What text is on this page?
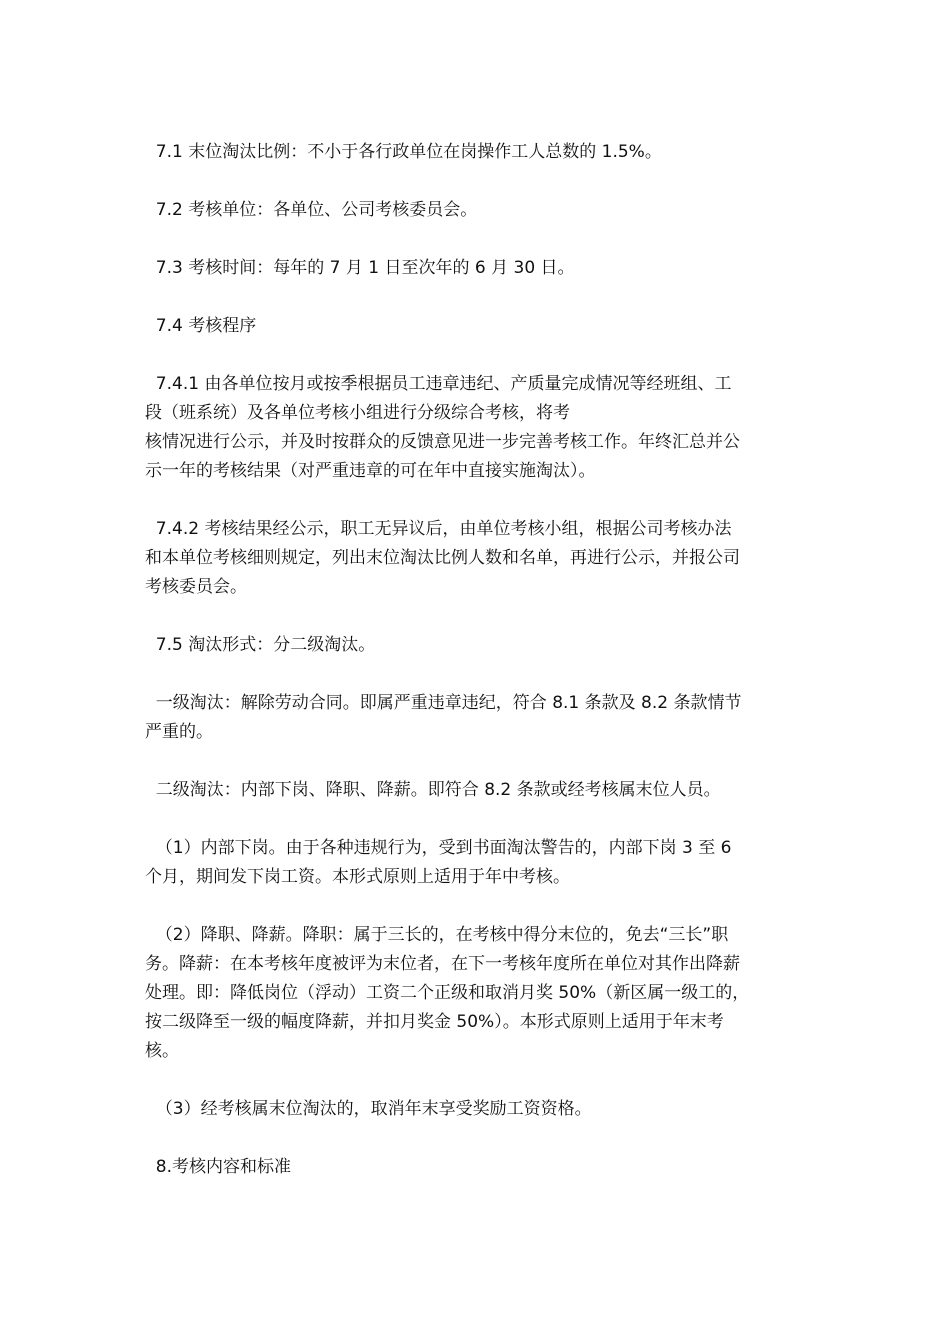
7.1 末位淘汰比例：不小于各行政单位在岗操作工人总数的 1.5%。

7.2 考核单位：各单位、公司考核委员会。

7.3 考核时间：每年的 7 月 1 日至次年的 6 月 30 日。

7.4 考核程序

7.4.1 由各单位按月或按季根据员工违章违纪、产质量完成情况等经班组、工
段（班系统）及各单位考核小组进行分级综合考核，将考
核情况进行公示，并及时按群众的反馈意见进一步完善考核工作。年终汇总并公
示一年的考核结果（对严重违章的可在年中直接实施淘汰）。

7.4.2 考核结果经公示，职工无异议后，由单位考核小组，根据公司考核办法
和本单位考核细则规定，列出末位淘汰比例人数和名单，再进行公示，并报公司
考核委员会。

7.5 淘汰形式：分二级淘汰。

一级淘汰：解除劳动合同。即属严重违章违纪，符合 8.1 条款及 8.2 条款情节
严重的。

二级淘汰：内部下岗、降职、降薪。即符合 8.2 条款或经考核属末位人员。

（1）内部下岗。由于各种违规行为，受到书面淘汰警告的，内部下岗 3 至 6
个月，期间发下岗工资。本形式原则上适用于年中考核。

（2）降职、降薪。降职：属于三长的，在考核中得分末位的，免去“三长”职
务。降薪：在本考核年度被评为末位者，在下一考核年度所在单位对其作出降薪
处理。即：降低岗位（浮动）工资二个正级和取消月奖 50%（新区属一级工的，
按二级降至一级的幅度降薪，并扣月奖金 50%）。本形式原则上适用于年末考
核。

（3）经考核属末位淘汰的，取消年末享受奖励工资资格。

8.考核内容和标准
